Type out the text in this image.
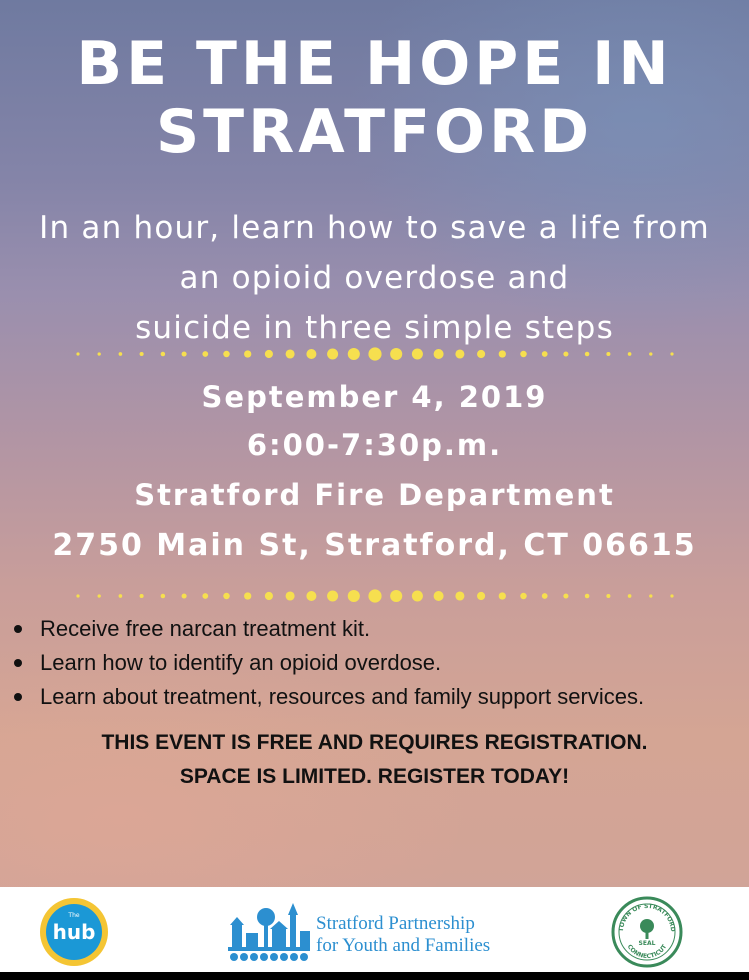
BE THE HOPE IN
STRATFORD
In an hour, learn how to save a life from
an opioid overdose and
suicide in three simple steps
September 4, 2019
6:00-7:30p.m.
Stratford Fire Department
2750 Main St, Stratford, CT 06615
Receive free narcan treatment kit.
Learn how to identify an opioid overdose.
Learn about treatment, resources and family support services.
THIS EVENT IS FREE AND REQUIRES REGISTRATION.
SPACE IS LIMITED. REGISTER TODAY!
The
hub	Stratford Partnership
for Youth and Families
TOWN OF STRATFORD
CONNECTICUT
SEAL
